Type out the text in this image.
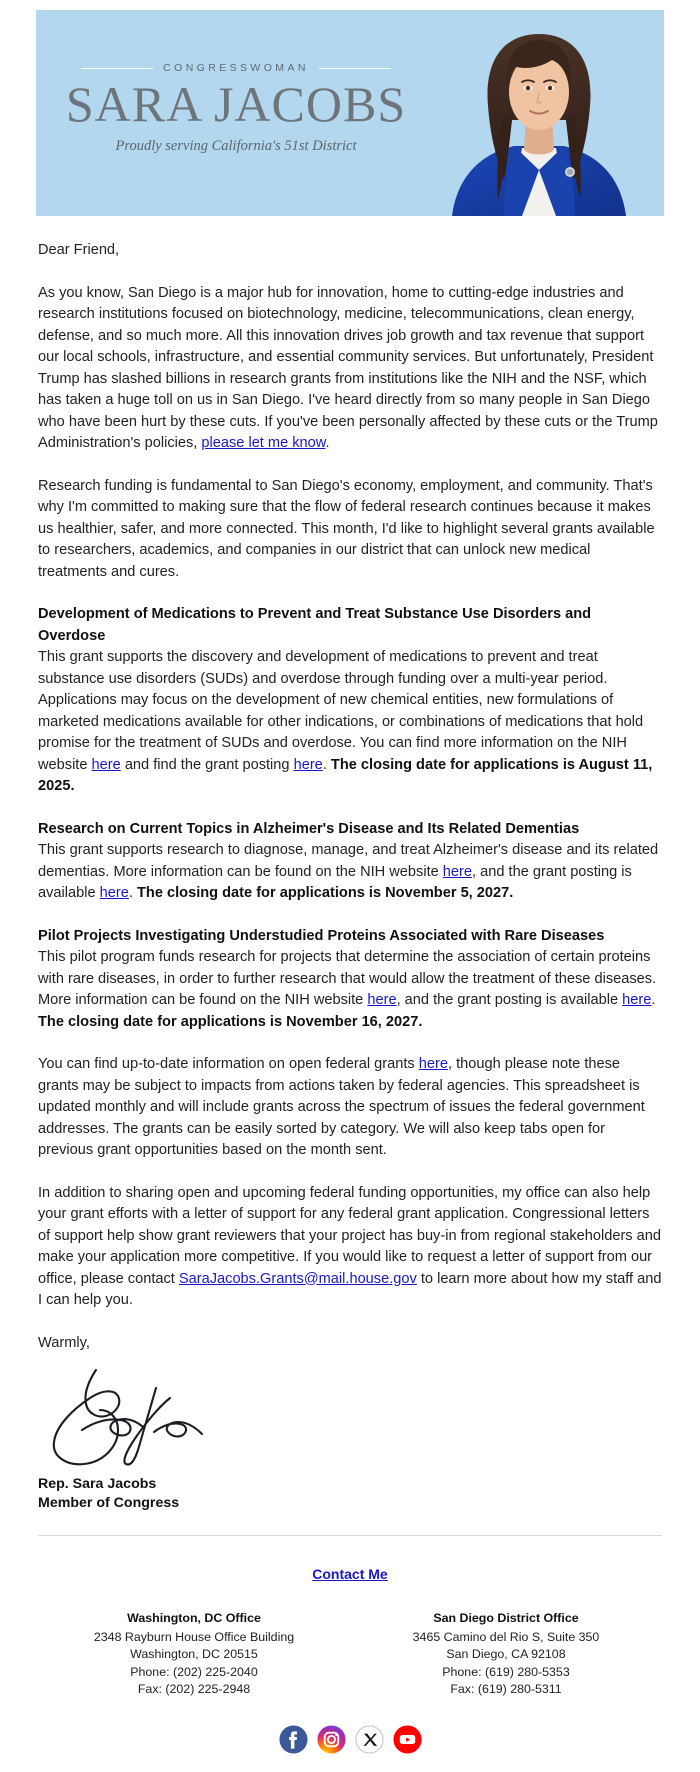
CONGRESSWOMAN
SARA JACOBS
Proudly serving California's 51st District

Dear Friend,

As you know, San Diego is a major hub for innovation, home to cutting-edge industries and research institutions focused on biotechnology, medicine, telecommunications, clean energy, defense, and so much more. All this innovation drives job growth and tax revenue that support our local schools, infrastructure, and essential community services. But unfortunately, President Trump has slashed billions in research grants from institutions like the NIH and the NSF, which has taken a huge toll on us in San Diego. I've heard directly from so many people in San Diego who have been hurt by these cuts. If you've been personally affected by these cuts or the Trump Administration's policies, please let me know.

Research funding is fundamental to San Diego's economy, employment, and community. That's why I'm committed to making sure that the flow of federal research continues because it makes us healthier, safer, and more connected. This month, I'd like to highlight several grants available to researchers, academics, and companies in our district that can unlock new medical treatments and cures.

Development of Medications to Prevent and Treat Substance Use Disorders and Overdose
This grant supports the discovery and development of medications to prevent and treat substance use disorders (SUDs) and overdose through funding over a multi-year period. Applications may focus on the development of new chemical entities, new formulations of marketed medications available for other indications, or combinations of medications that hold promise for the treatment of SUDs and overdose. You can find more information on the NIH website here and find the grant posting here. The closing date for applications is August 11, 2025.
Research on Current Topics in Alzheimer's Disease and Its Related Dementias
This grant supports research to diagnose, manage, and treat Alzheimer's disease and its related dementias. More information can be found on the NIH website here, and the grant posting is available here. The closing date for applications is November 5, 2027.
Pilot Projects Investigating Understudied Proteins Associated with Rare Diseases
This pilot program funds research for projects that determine the association of certain proteins with rare diseases, in order to further research that would allow the treatment of these diseases. More information can be found on the NIH website here, and the grant posting is available here. The closing date for applications is November 16, 2027.

You can find up-to-date information on open federal grants here, though please note these grants may be subject to impacts from actions taken by federal agencies. This spreadsheet is updated monthly and will include grants across the spectrum of issues the federal government addresses. The grants can be easily sorted by category. We will also keep tabs open for previous grant opportunities based on the month sent.

In addition to sharing open and upcoming federal funding opportunities, my office can also help your grant efforts with a letter of support for any federal grant application. Congressional letters of support help show grant reviewers that your project has buy-in from regional stakeholders and make your application more competitive. If you would like to request a letter of support from our office, please contact SaraJacobs.Grants@mail.house.gov to learn more about how my staff and I can help you.

Warmly,
Rep. Sara Jacobs
Member of Congress
Contact Me
Washington, DC Office
2348 Rayburn House Office Building
Washington, DC 20515
Phone: (202) 225-2040
Fax: (202) 225-2948
San Diego District Office
3465 Camino del Rio S, Suite 350
San Diego, CA 92108
Phone: (619) 280-5353
Fax: (619) 280-5311
